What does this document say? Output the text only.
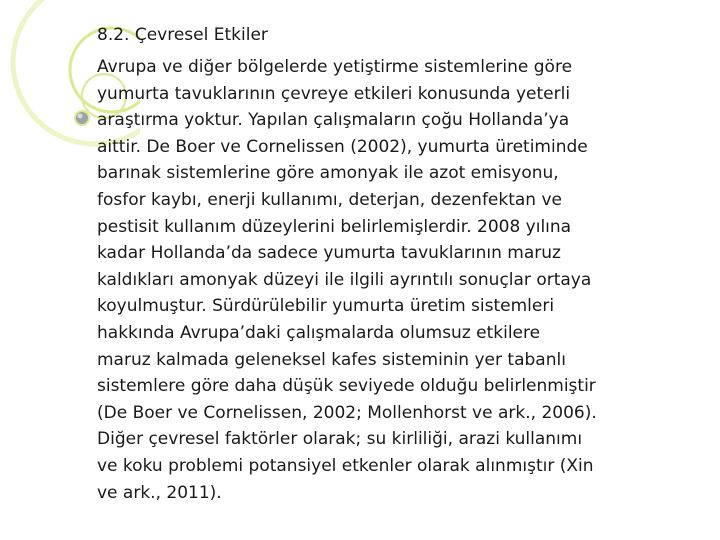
8.2. Çevresel Etkiler
Avrupa ve diğer bölgelerde yetiştirme sistemlerine göre
yumurta tavuklarının çevreye etkileri konusunda yeterli
araştırma yoktur. Yapılan çalışmaların çoğu Hollanda’ya
aittir. De Boer ve Cornelissen (2002), yumurta üretiminde
barınak sistemlerine göre amonyak ile azot emisyonu,
fosfor kaybı, enerji kullanımı, deterjan, dezenfektan ve
pestisit kullanım düzeylerini belirlemişlerdir. 2008 yılına
kadar Hollanda’da sadece yumurta tavuklarının maruz
kaldıkları amonyak düzeyi ile ilgili ayrıntılı sonuçlar ortaya
koyulmuştur. Sürdürülebilir yumurta üretim sistemleri
hakkında Avrupa’daki çalışmalarda olumsuz etkilere
maruz kalmada geleneksel kafes sisteminin yer tabanlı
sistemlere göre daha düşük seviyede olduğu belirlenmiştir
(De Boer ve Cornelissen, 2002; Mollenhorst ve ark., 2006).
Diğer çevresel faktörler olarak; su kirliliği, arazi kullanımı
ve koku problemi potansiyel etkenler olarak alınmıştır (Xin
ve ark., 2011).
